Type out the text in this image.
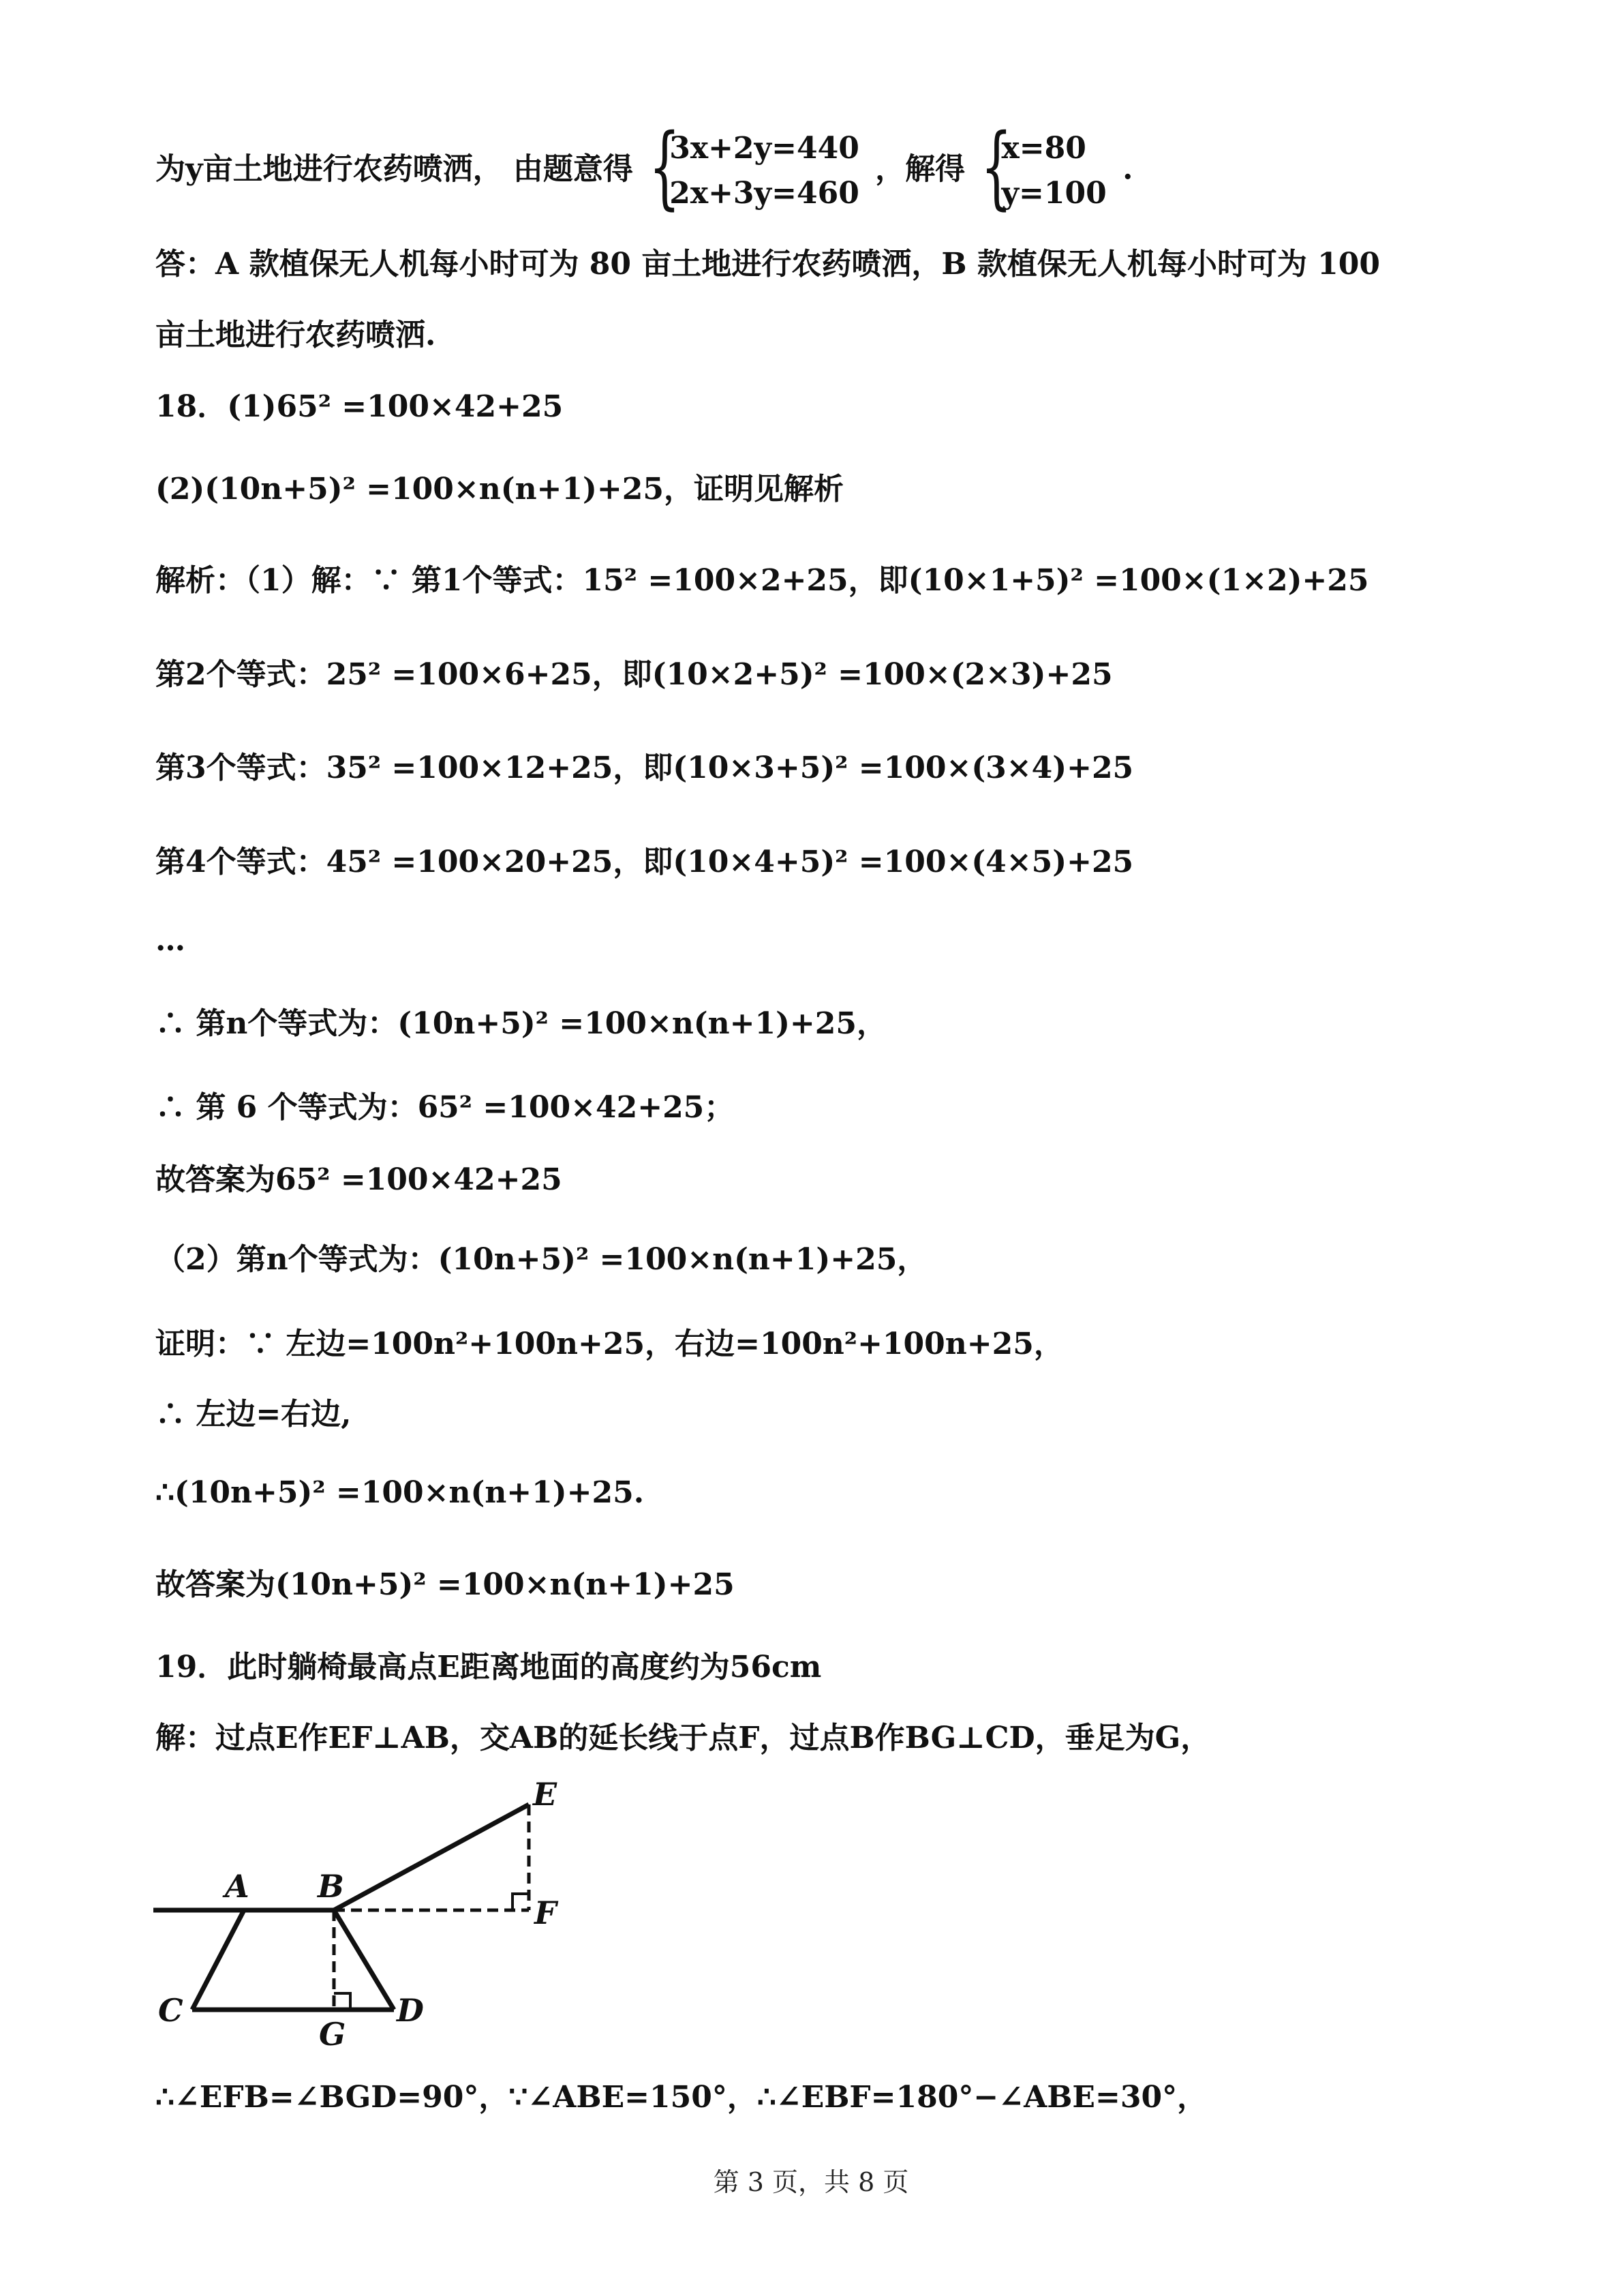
为y亩土地进行农药喷洒， 由题意得 {
3x+2y=440
2x+3y=460
，解得 {
x=80
y=100
.
答：A 款植保无人机每小时可为 80 亩土地进行农药喷洒，B 款植保无人机每小时可为 100
亩土地进行农药喷洒.
18．(1)65² =100×42+25
(2)(10n+5)² =100×n(n+1)+25，证明见解析
解析：（1）解：∵ 第1个等式：15² =100×2+25，即(10×1+5)² =100×(1×2)+25
第2个等式：25² =100×6+25，即(10×2+5)² =100×(2×3)+25
第3个等式：35² =100×12+25，即(10×3+5)² =100×(3×4)+25
第4个等式：45² =100×20+25，即(10×4+5)² =100×(4×5)+25
…
∴ 第n个等式为：(10n+5)² =100×n(n+1)+25，
∴ 第 6 个等式为：65² =100×42+25；
故答案为65² =100×42+25
（2）第n个等式为：(10n+5)² =100×n(n+1)+25，
证明：∵ 左边=100n²+100n+25，右边=100n²+100n+25，
∴ 左边=右边,
∴(10n+5)² =100×n(n+1)+25.
故答案为(10n+5)² =100×n(n+1)+25
19．此时躺椅最高点E距离地面的高度约为56cm
解：过点E作EF⊥AB，交AB的延长线于点F，过点B作BG⊥CD，垂足为G，
A B
C	D
E
F
G
∴∠EFB=∠BGD=90°，∵∠ABE=150°，∴∠EBF=180°−∠ABE=30°，
第 3 页，共 8 页
